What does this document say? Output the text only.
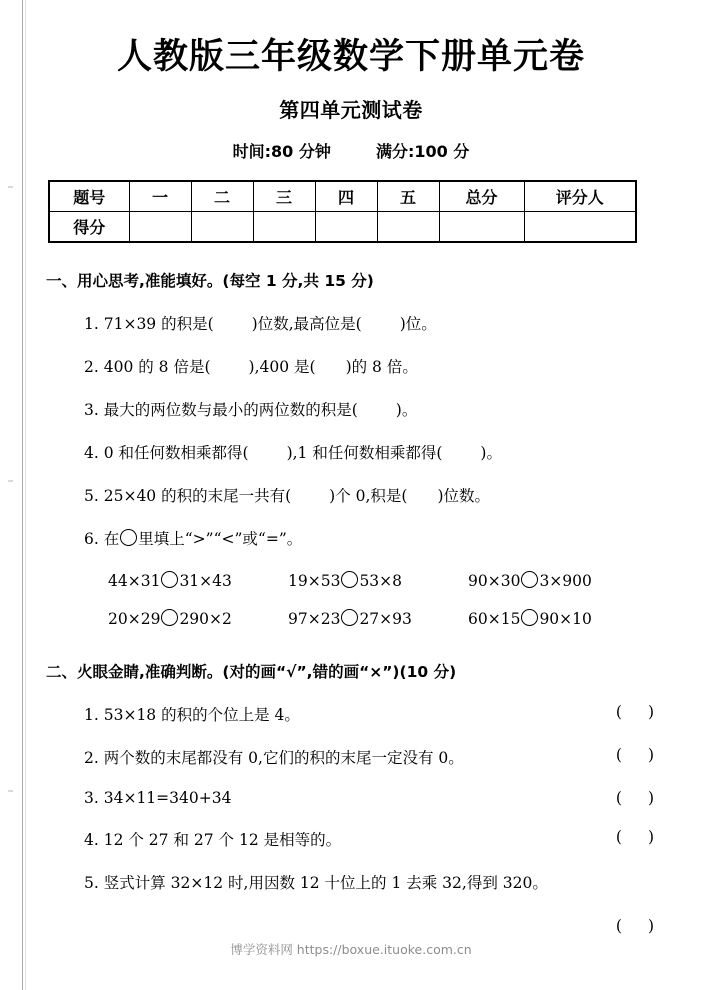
人教版三年级数学下册单元卷
第四单元测试卷

时间:80 分钟	满分:100 分

题号	一	二	三	四	五	总分	评分人
得分							
一、用心思考,准能填好。(每空 1 分,共 15 分)
1. 71×39 的积是( )位数,最高位是( )位。
2. 400 的 8 倍是( ),400 是( )的 8 倍。
3. 最大的两位数与最小的两位数的积是( )。
4. 0 和任何数相乘都得( ),1 和任何数相乘都得( )。
5. 25×40 的积的末尾一共有( )个 0,积是( )位数。
6. 在 里填上“>”“<”或“=”。
44×31 31×43	19×53 53×8	90×30 3×900
20×29 290×2	97×23 27×93	60×15 90×10
二、火眼金睛,准确判断。(对的画“√”,错的画“×”)(10 分)
1. 53×18 的积的个位上是 4。	( )
2. 两个数的末尾都没有 0,它们的积的末尾一定没有 0。	( )
3. 34×11=340+34	( )
4. 12 个 27 和 27 个 12 是相等的。	( )
5. 竖式计算 32×12 时,用因数 12 十位上的 1 去乘 32,得到 320。
( )
博学资料网 https://boxue.ituoke.com.cn
